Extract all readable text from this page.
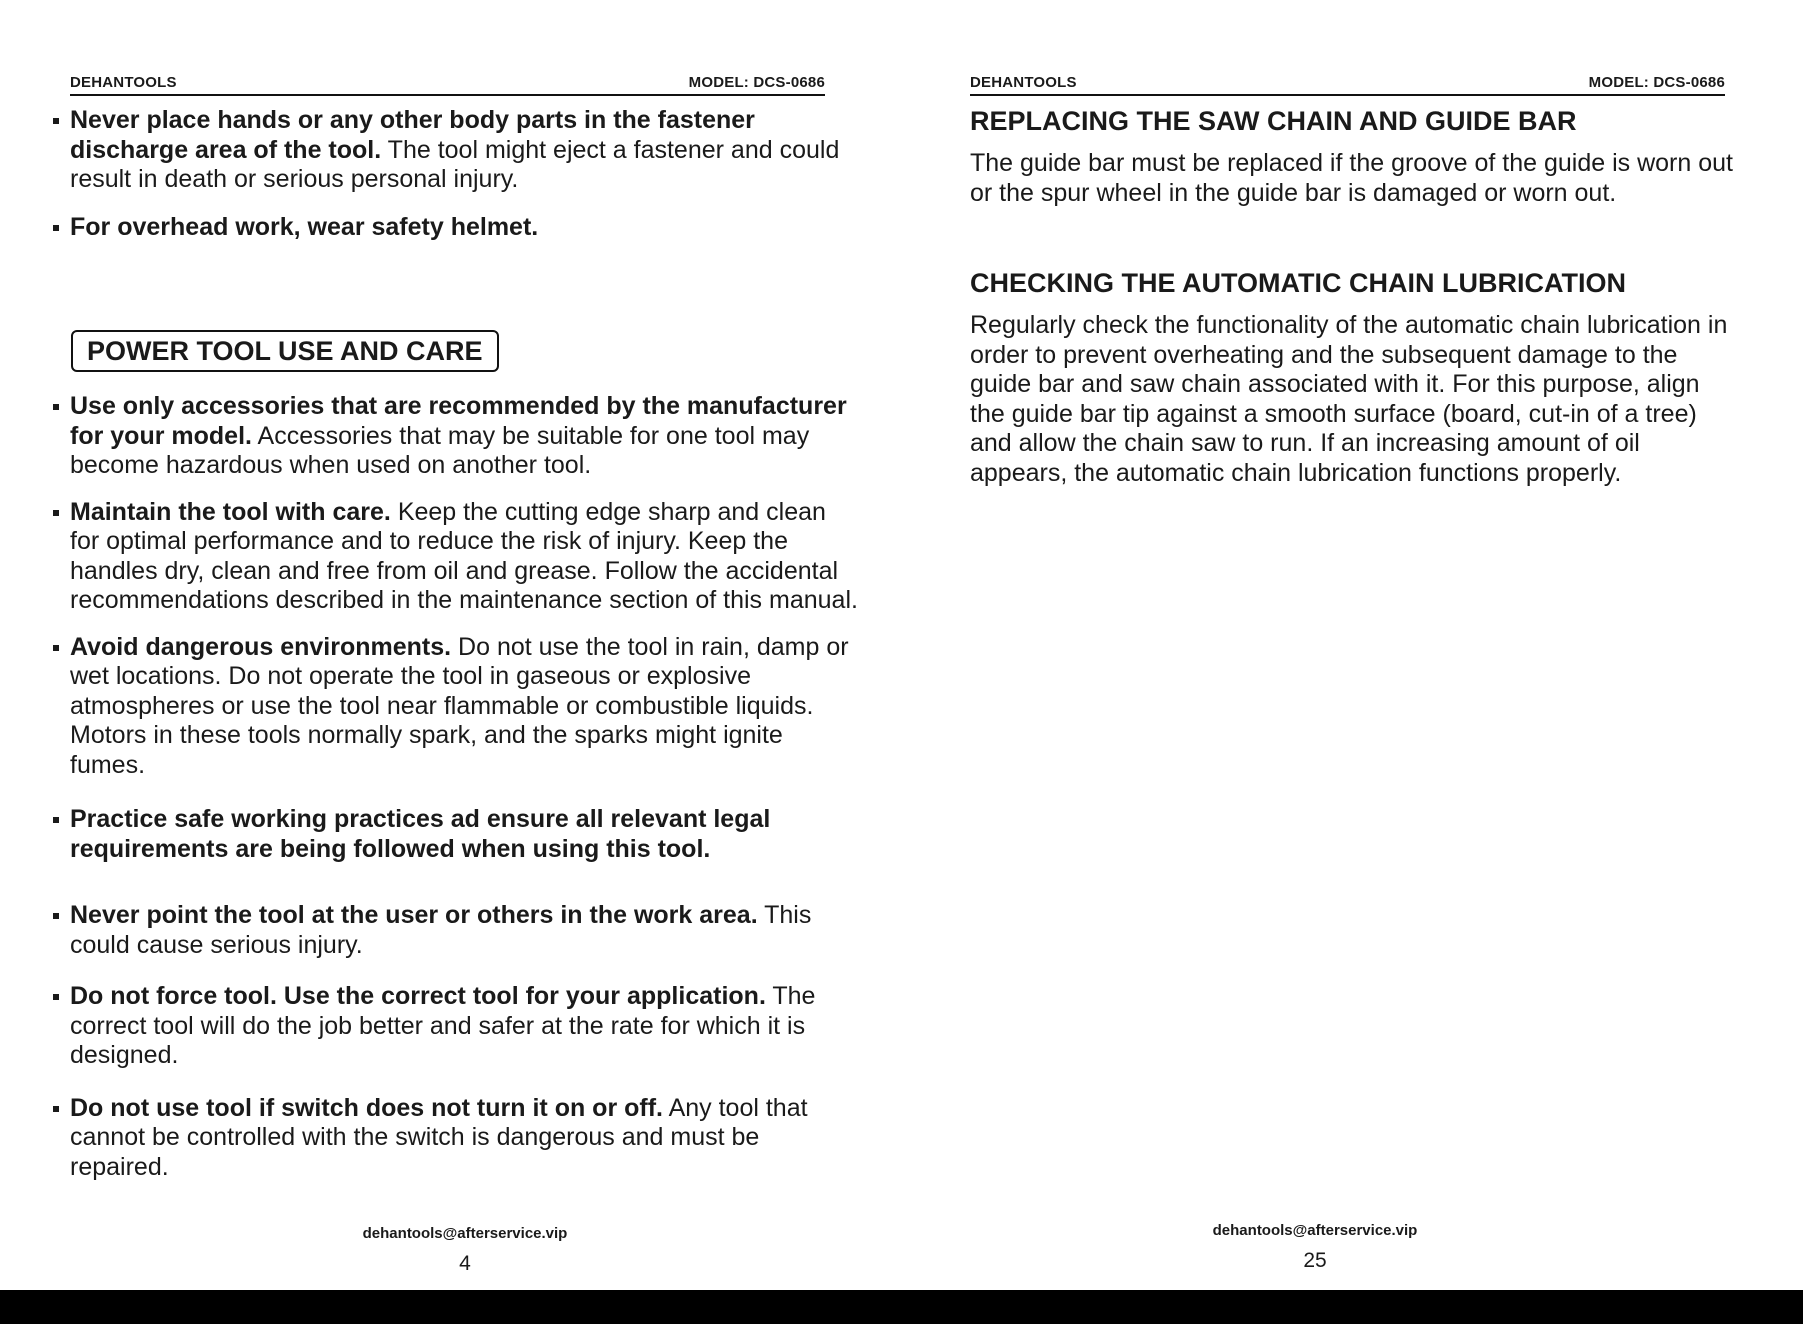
DEHANTOOLS	MODEL: DCS-0686
Never place hands or any other body parts in the fastener discharge area of the tool. The tool might eject a fastener and could result in death or serious personal injury.
For overhead work, wear safety helmet.
POWER TOOL USE AND CARE
Use only accessories that are recommended by the manufacturer for your model. Accessories that may be suitable for one tool may become hazardous when used on another tool.
Maintain the tool with care. Keep the cutting edge sharp and clean for optimal performance and to reduce the risk of injury. Keep the handles dry, clean and free from oil and grease. Follow the accidental recommendations described in the maintenance section of this manual.
Avoid dangerous environments. Do not use the tool in rain, damp or wet locations. Do not operate the tool in gaseous or explosive atmospheres or use the tool near flammable or combustible liquids. Motors in these tools normally spark, and the sparks might ignite fumes.
Practice safe working practices ad ensure all relevant legal requirements are being followed when using this tool.
Never point the tool at the user or others in the work area. This could cause serious injury.
Do not force tool. Use the correct tool for your application. The correct tool will do the job better and safer at the rate for which it is designed.
Do not use tool if switch does not turn it on or off. Any tool that cannot be controlled with the switch is dangerous and must be repaired.
dehantools@afterservice.vip
4
DEHANTOOLS	MODEL: DCS-0686
REPLACING THE SAW CHAIN AND GUIDE BAR
The guide bar must be replaced if the groove of the guide is worn out or the spur wheel in the guide bar is damaged or worn out.
CHECKING THE AUTOMATIC CHAIN LUBRICATION
Regularly check the functionality of the automatic chain lubrication in order to prevent overheating and the subsequent damage to the guide bar and saw chain associated with it. For this purpose, align the guide bar tip against a smooth surface (board, cut-in of a tree) and allow the chain saw to run. If an increasing amount of oil appears, the automatic chain lubrication functions properly.
dehantools@afterservice.vip
25
